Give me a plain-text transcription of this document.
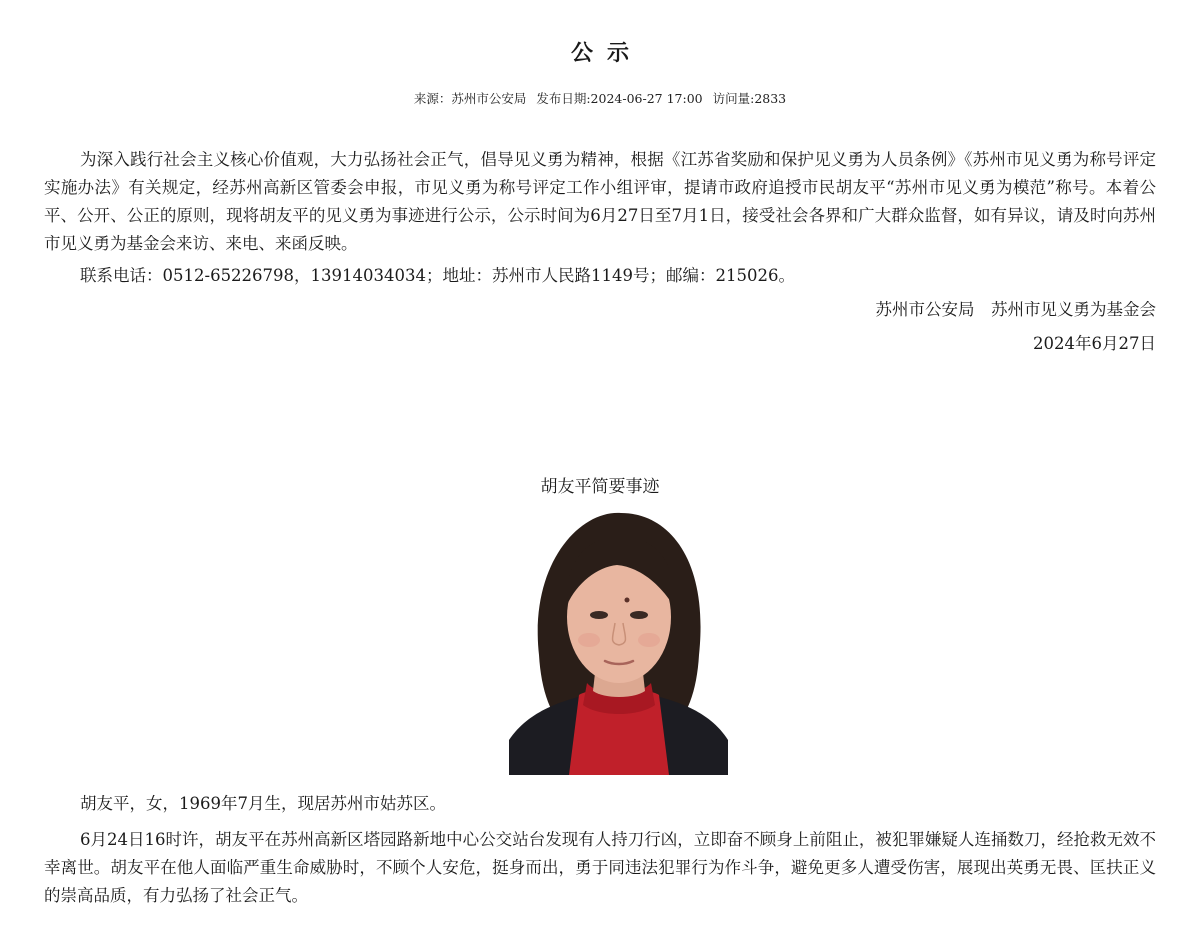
公示
来源：苏州市公安局 发布日期:2024-06-27 17:00 访问量:2833
为深入践行社会主义核心价值观，大力弘扬社会正气，倡导见义勇为精神，根据《江苏省奖励和保护见义勇为人员条例》《苏州市见义勇为称号评定实施办法》有关规定，经苏州高新区管委会申报，市见义勇为称号评定工作小组评审，提请市政府追授市民胡友平“苏州市见义勇为模范”称号。本着公平、公开、公正的原则，现将胡友平的见义勇为事迹进行公示，公示时间为6月27日至7月1日，接受社会各界和广大群众监督，如有异议，请及时向苏州市见义勇为基金会来访、来电、来函反映。
联系电话：0512-65226798，13914034034；地址：苏州市人民路1149号；邮编：215026。
苏州市公安局　苏州市见义勇为基金会
2024年6月27日
胡友平简要事迹
胡友平，女，1969年7月生，现居苏州市姑苏区。
6月24日16时许，胡友平在苏州高新区塔园路新地中心公交站台发现有人持刀行凶，立即奋不顾身上前阻止，被犯罪嫌疑人连捅数刀，经抢救无效不幸离世。胡友平在他人面临严重生命威胁时，不顾个人安危，挺身而出，勇于同违法犯罪行为作斗争，避免更多人遭受伤害，展现出英勇无畏、匡扶正义的崇高品质，有力弘扬了社会正气。
